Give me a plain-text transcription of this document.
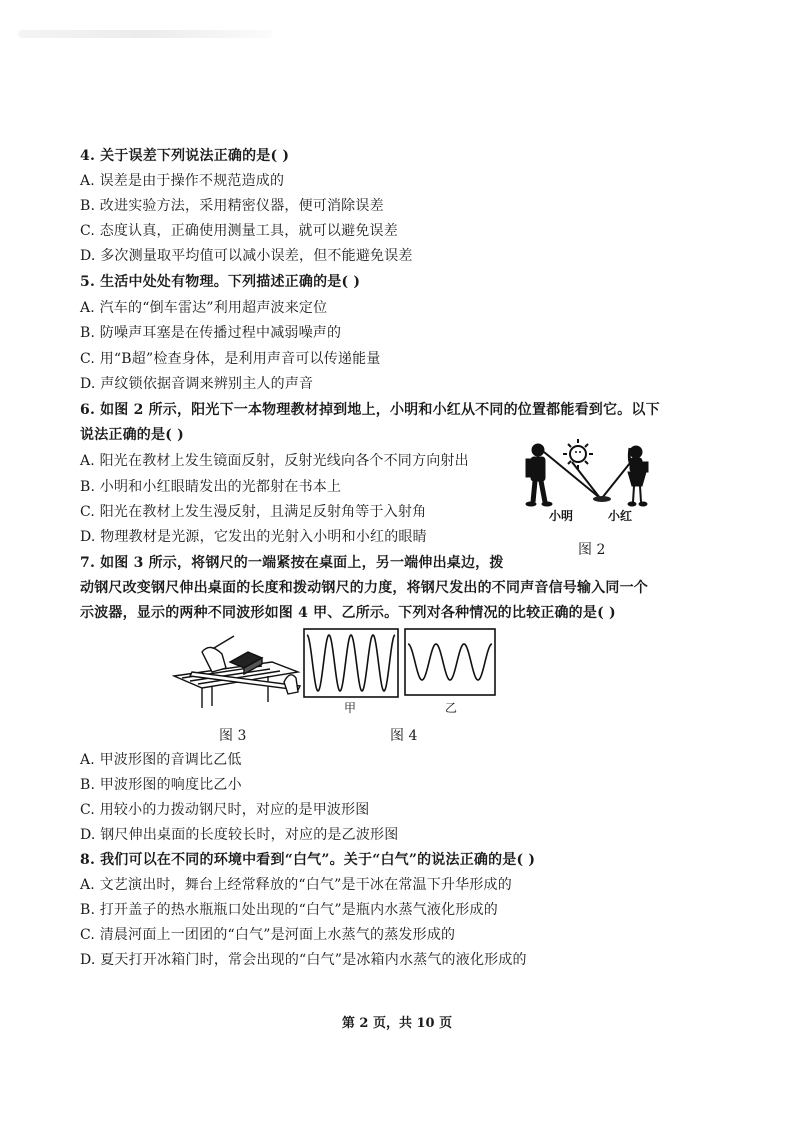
4. 关于误差下列说法正确的是( )
A. 误差是由于操作不规范造成的
B. 改进实验方法，采用精密仪器，便可消除误差
C. 态度认真，正确使用测量工具，就可以避免误差
D. 多次测量取平均值可以减小误差，但不能避免误差
5. 生活中处处有物理。下列描述正确的是( )
A. 汽车的“倒车雷达”利用超声波来定位
B. 防噪声耳塞是在传播过程中减弱噪声的
C. 用“B超”检查身体，是利用声音可以传递能量
D. 声纹锁依据音调来辨别主人的声音
6. 如图 2 所示，阳光下一本物理教材掉到地上，小明和小红从不同的位置都能看到它。以下
说法正确的是( )
A. 阳光在教材上发生镜面反射，反射光线向各个不同方向射出
B. 小明和小红眼睛发出的光都射在书本上
C. 阳光在教材上发生漫反射，且满足反射角等于入射角
D. 物理教材是光源，它发出的光射入小明和小红的眼睛
小明	小红
图 2
7. 如图 3 所示，将钢尺的一端紧按在桌面上，另一端伸出桌边，拨
动钢尺改变钢尺伸出桌面的长度和拨动钢尺的力度，将钢尺发出的不同声音信号输入同一个
示波器，显示的两种不同波形如图 4 甲、乙所示。下列对各种情况的比较正确的是( )
图 3
甲	乙
图 4
A. 甲波形图的音调比乙低
B. 甲波形图的响度比乙小
C. 用较小的力拨动钢尺时，对应的是甲波形图
D. 钢尺伸出桌面的长度较长时，对应的是乙波形图
8. 我们可以在不同的环境中看到“白气”。关于“白气”的说法正确的是( )
A. 文艺演出时，舞台上经常释放的“白气”是干冰在常温下升华形成的
B. 打开盖子的热水瓶瓶口处出现的“白气”是瓶内水蒸气液化形成的
C. 清晨河面上一团团的“白气”是河面上水蒸气的蒸发形成的
D. 夏天打开冰箱门时，常会出现的“白气”是冰箱内水蒸气的液化形成的
第 2 页，共 10 页
